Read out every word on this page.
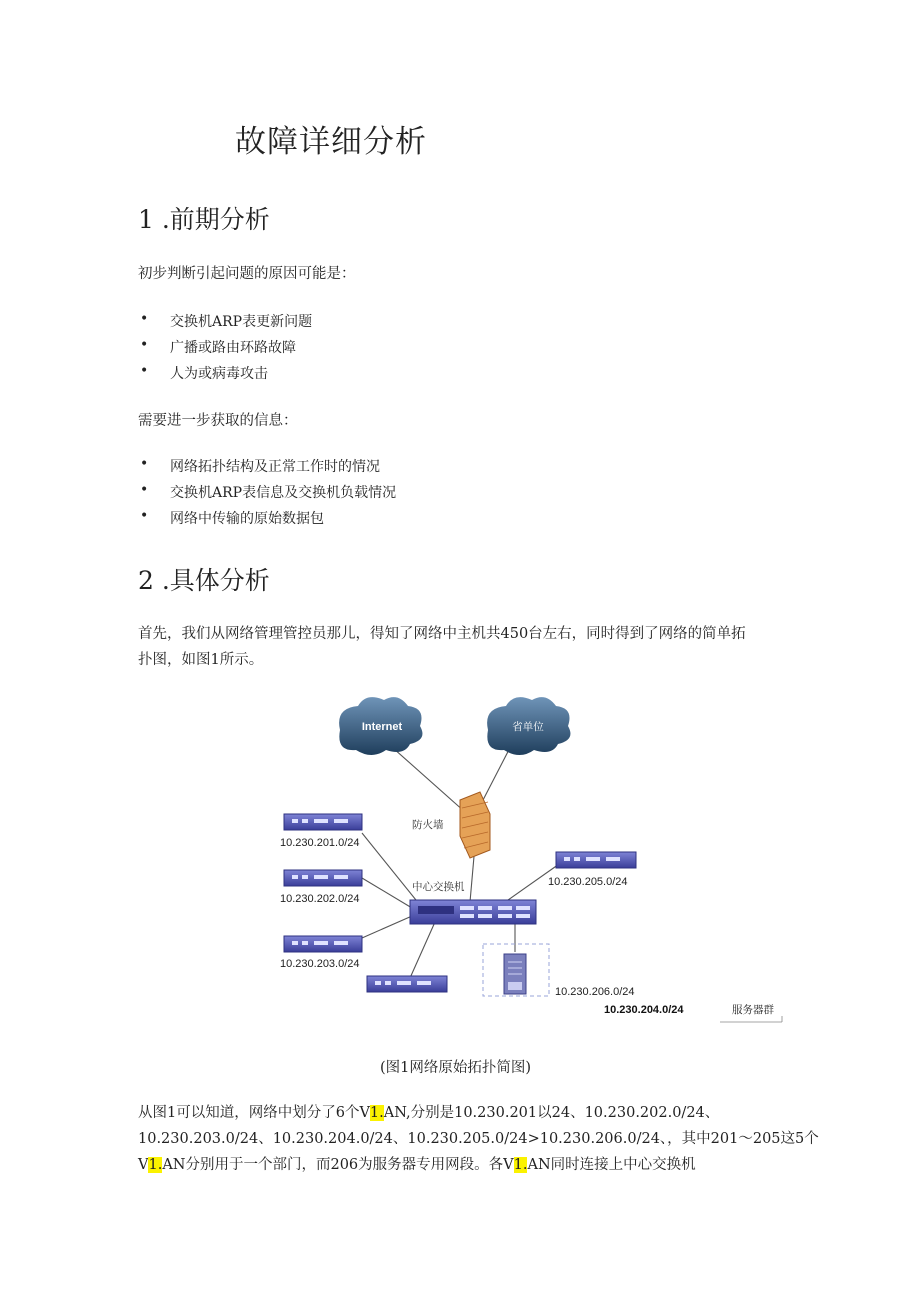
故障详细分析
1 .前期分析
初步判断引起问题的原因可能是：
• 交换机ARP表更新问题
• 广播或路由环路故障
• 人为或病毒攻击
需要进一步获取的信息：
• 网络拓扑结构及正常工作时的情况
• 交换机ARP表信息及交换机负载情况
• 网络中传输的原始数据包
2 .具体分析
首先，我们从网络管理管控员那儿，得知了网络中主机共450台左右，同时得到了网络的简单拓
扑图，如图1所示。
Internet	省单位
防火墙
10.230.201.0/24
10.230.202.0/24
10.230.203.0/24
10.230.205.0/24
中心交换机
10.230.206.0/24
10.230.204.0/24	服务器群
(图1网络原始拓扑简图)
从图1可以知道，网络中划分了6个V1.AN,分别是10.230.201以24、10.230.202.0/24、
10.230.203.0/24、10.230.204.0/24、10.230.205.0/24>10.230.206.0/24、，其中201～205这5个
V1.AN分别用于一个部门，而206为服务器专用网段。各V1.AN同时连接上中心交换机
